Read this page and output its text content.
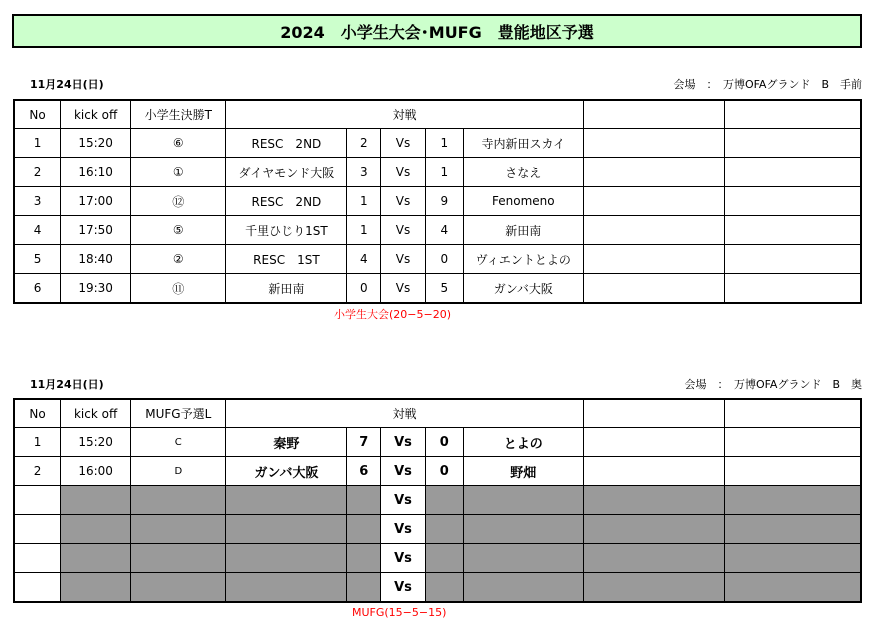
2024　小学生大会･MUFG　豊能地区予選
11月24日(日)	会場　：　万博OFAグランド　B　手前
No	kick off	小学生決勝T	対戦						
1	15:20	⑥	RESC　2ND	2	Vs	1	寺内新田スカイ		
2	16:10	①	ダイヤモンド大阪	3	Vs	1	さなえ		
3	17:00	⑫	RESC　2ND	1	Vs	9	Fenomeno		
4	17:50	⑤	千里ひじり1ST	1	Vs	4	新田南		
5	18:40	②	RESC　1ST	4	Vs	0	ヴィエントとよの		
6	19:30	⑪	新田南	0	Vs	5	ガンバ大阪		
小学生大会(20−5−20)
11月24日(日)	会場　：　万博OFAグランド　B　奥
No	kick off	MUFG予選L	対戦						
1	15:20	C	秦野	7	Vs	0	とよの		
2	16:00	D	ガンバ大阪	6	Vs	0	野畑		
					Vs				
					Vs				
					Vs				
					Vs				
MUFG(15−5−15)
